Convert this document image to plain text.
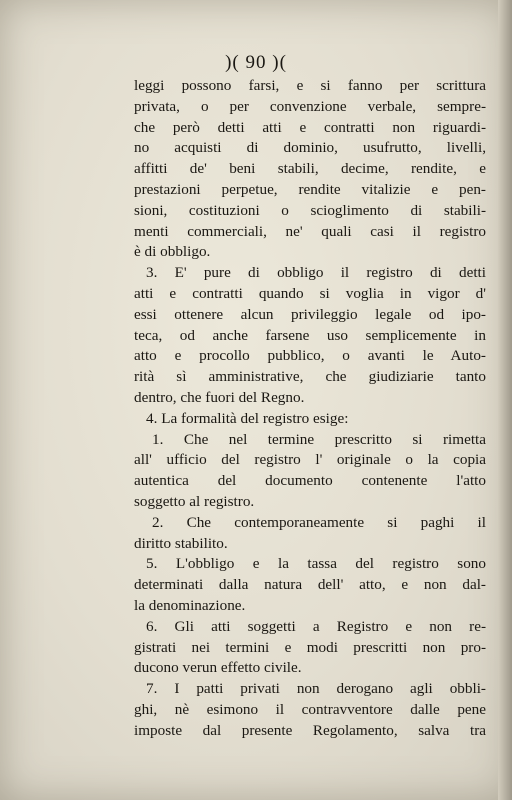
)( 90 )(
leggi possono farsi, e si fanno per scrittura
privata, o per convenzione verbale, sempre-
che però detti atti e contratti non riguardi-
no acquisti di dominio, usufrutto, livelli,
affitti de' beni stabili, decime, rendite, e
prestazioni perpetue, rendite vitalizie e pen-
sioni, costituzioni o scioglimento di stabili-
menti commerciali, ne' quali casi il registro
è di obbligo.
3. E' pure di obbligo il registro di detti
atti e contratti quando si voglia in vigor d'
essi ottenere alcun privileggio legale od ipo-
teca, od anche farsene uso semplicemente in
atto e procollo pubblico, o avanti le Auto-
rità sì amministrative, che giudiziarie tanto
dentro, che fuori del Regno.
4. La formalità del registro esige:
1. Che nel termine prescritto si rimetta
all' ufficio del registro l' originale o la copia
autentica del documento contenente l'atto
soggetto al registro.
2. Che contemporaneamente si paghi il
diritto stabilito.
5. L'obbligo e la tassa del registro sono
determinati dalla natura dell' atto, e non dal-
la denominazione.
6. Gli atti soggetti a Registro e non re-
gistrati nei termini e modi prescritti non pro-
ducono verun effetto civile.
7. I patti privati non derogano agli obbli-
ghi, nè esimono il contravventore dalle pene
imposte dal presente Regolamento, salva tra
